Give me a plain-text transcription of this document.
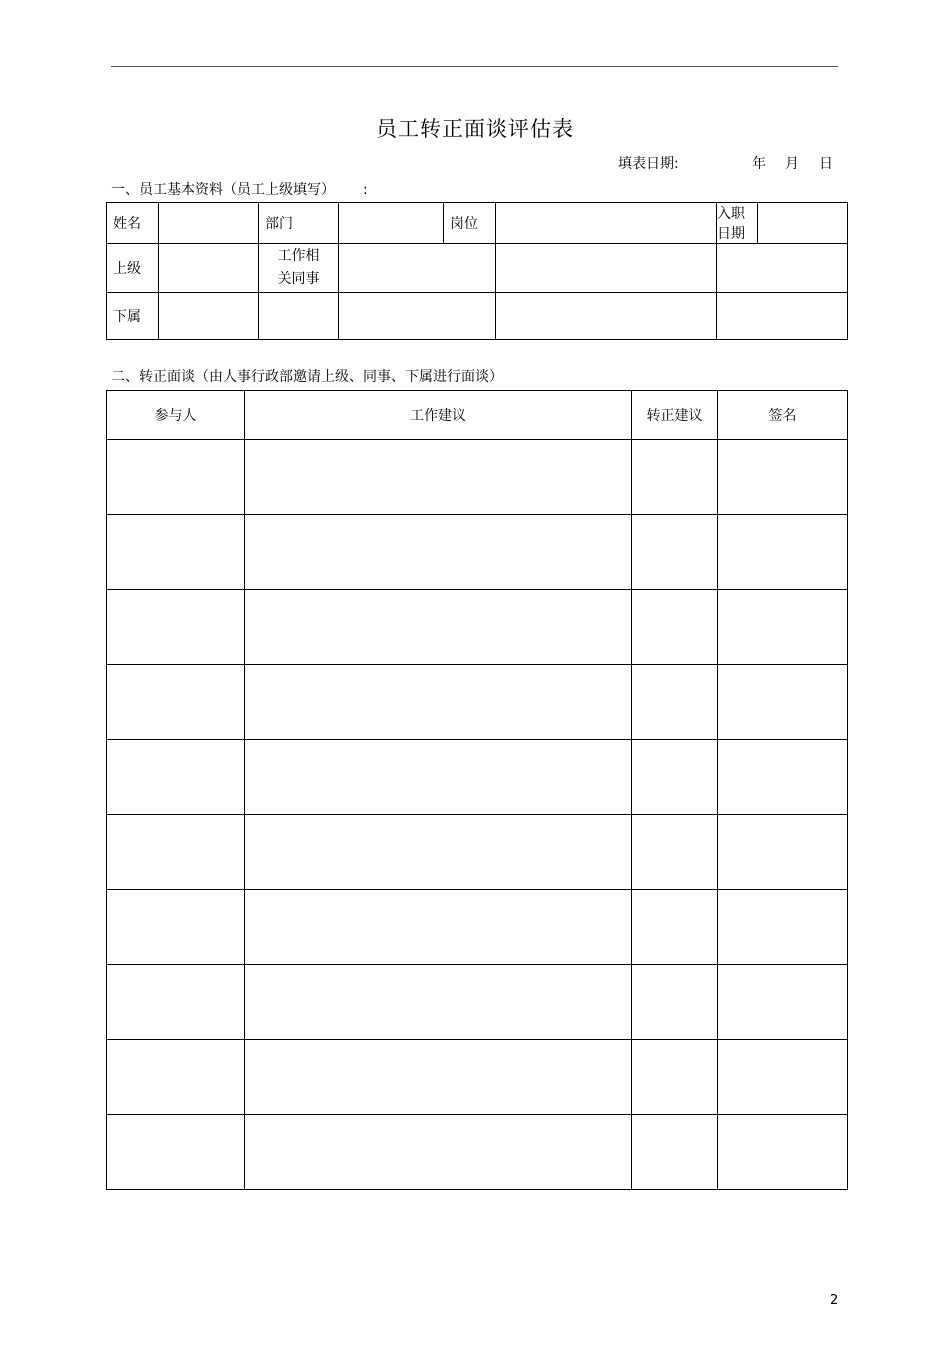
员工转正面谈评估表
填表日期:	年 月 日
一、员工基本资料（员工上级填写） :
姓名		部门		岗位		入职日期	
上级		工作相
关同事					

下属							
二、转正面谈（由人事行政部邀请上级、同事、下属进行面谈）
参与人	工作建议	转正建议	签名

2
